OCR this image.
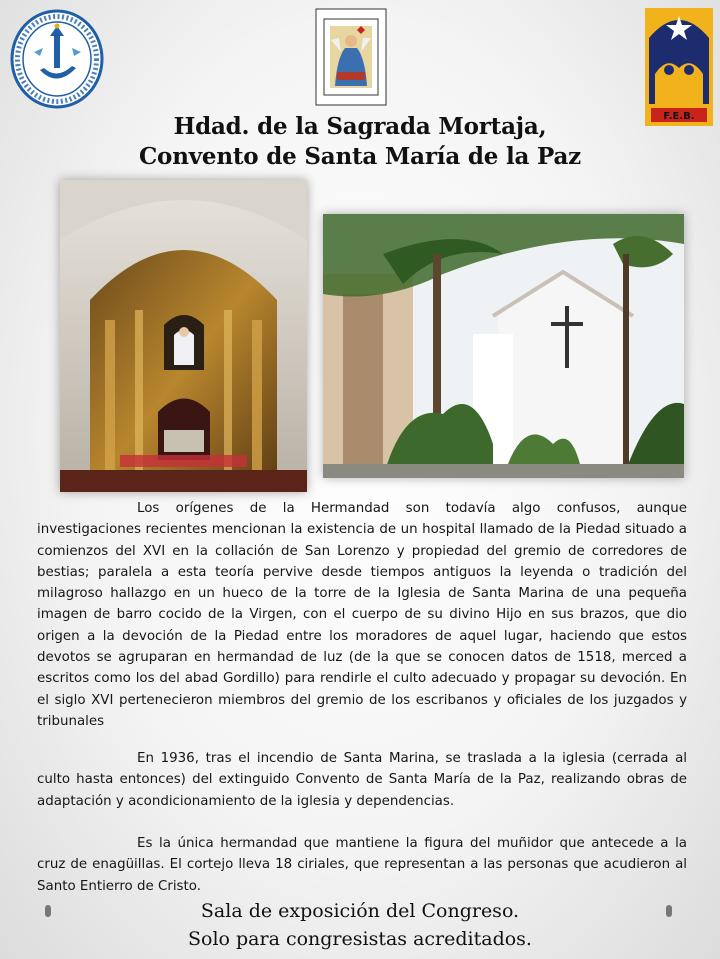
F.E.B.
Hdad. de la Sagrada Mortaja,
Convento de Santa María de la Paz

Los orígenes de la Hermandad son todavía algo confusos, aunque investigaciones recientes mencionan la existencia de un hospital llamado de la Piedad situado a comienzos del XVI en la collación de San Lorenzo y propiedad del gremio de corredores de bestias; paralela a esta teoría pervive desde tiempos antiguos la leyenda o tradición del milagroso hallazgo en un hueco de la torre de la Iglesia de Santa Marina de una pequeña imagen de barro cocido de la Virgen, con el cuerpo de su divino Hijo en sus brazos, que dio origen a la devoción de la Piedad entre los moradores de aquel lugar, haciendo que estos devotos se agruparan en hermandad de luz (de la que se conocen datos de 1518, merced a escritos como los del abad Gordillo) para rendirle el culto adecuado y propagar su devoción. En el siglo XVI pertenecieron miembros del gremio de los escribanos y oficiales de los juzgados y tribunales

En 1936, tras el incendio de Santa Marina, se traslada a la iglesia (cerrada al culto hasta entonces) del extinguido Convento de Santa María de la Paz, realizando obras de adaptación y acondicionamiento de la iglesia y dependencias.

Es la única hermandad que mantiene la figura del muñidor que antecede a la cruz de enagüillas. El cortejo lleva 18 ciriales, que representan a las personas que acudieron al Santo Entierro de Cristo.

Sala de exposición del Congreso.
Solo para congresistas acreditados.
